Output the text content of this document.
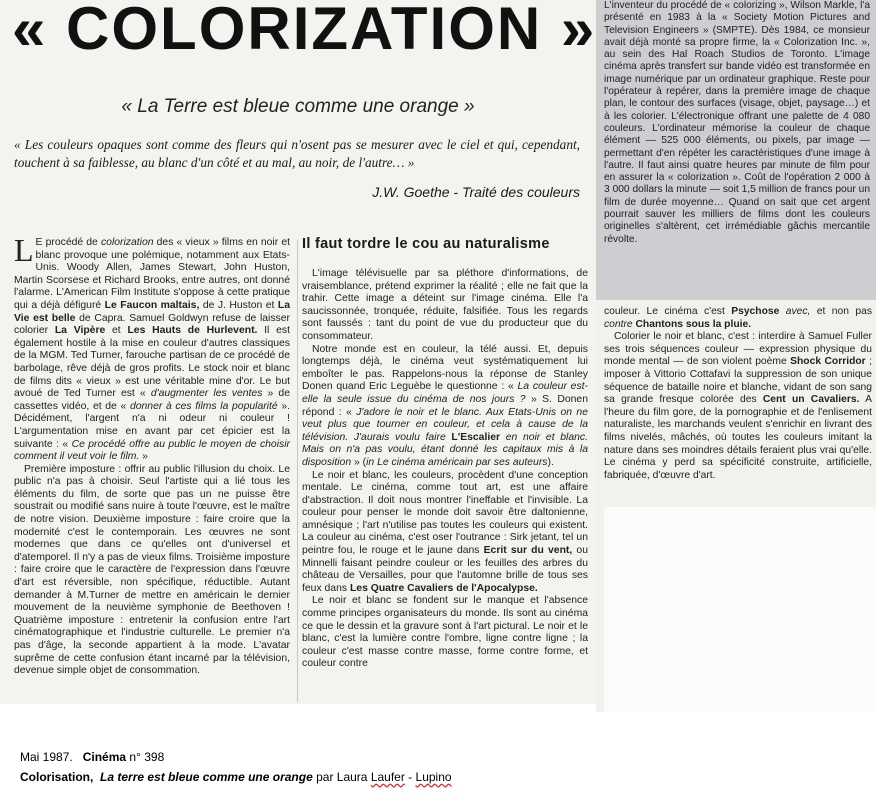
« COLORIZATION »
« La Terre est bleue comme une orange »
« Les couleurs opaques sont comme des fleurs qui n'osent pas se mesurer avec le ciel et qui, cependant, touchent à sa faiblesse, au blanc d'un côté et au mal, au noir, de l'autre… »
J.W. Goethe - Traité des couleurs

L E procédé de colorization des « vieux » films en noir et blanc provoque une polémique, notamment aux Etats-Unis. Woody Allen, James Stewart, John Huston, Martin Scorsese et Richard Brooks, entre autres, ont donné l'alarme. L'American Film Institute s'oppose à cette pratique qui a déjà défiguré Le Faucon maltais, de J. Huston et La Vie est belle de Capra. Samuel Goldwyn refuse de laisser colorier La Vipère et Les Hauts de Hurlevent. Il est également hostile à la mise en couleur d'autres classiques de la MGM. Ted Turner, farouche partisan de ce procédé de barbolage, rêve déjà de gros profits. Le stock noir et blanc de films dits « vieux » est une véritable mine d'or. Le but avoué de Ted Turner est « d'augmenter les ventes » de cassettes vidéo, et de « donner à ces films la popularité ». Décidément, l'argent n'a ni odeur ni couleur ! L'argumentation mise en avant par cet épicier est la suivante : « Ce procédé offre au public le moyen de choisir comment il veut voir le film. »

Première imposture : offrir au public l'illusion du choix. Le public n'a pas à choisir. Seul l'artiste qui a lié tous les éléments du film, de sorte que pas un ne puisse être soustrait ou modifié sans nuire à toute l'œuvre, est le maître de notre vision. Deuxième imposture : faire croire que la modernité c'est le contemporain. Les œuvres ne sont modernes que dans ce qu'elles ont d'universel et d'atemporel. Il n'y a pas de vieux films. Troisième imposture : faire croire que le caractère de l'expression dans l'œuvre d'art est réversible, non spécifique, réductible. Autant demander à M.Turner de mettre en américain le dernier mouvement de la neuvième symphonie de Beethoven ! Quatrième imposture : entretenir la confusion entre l'art cinématographique et l'industrie culturelle. Le premier n'a pas d'âge, la seconde appartient à la mode. L'avatar suprême de cette confusion étant incarné par la télévision, devenue simple objet de consommation.

Il faut tordre le cou au naturalisme

L'image télévisuelle par sa pléthore d'informations, de vraisemblance, prétend exprimer la réalité ; elle ne fait que la trahir. Cette image a déteint sur l'image cinéma. Elle l'a saucissonnée, tronquée, réduite, falsifiée. Tous les regards sont faussés : tant du point de vue du producteur que du consommateur.

Notre monde est en couleur, la télé aussi. Et, depuis longtemps déjà, le cinéma veut systématiquement lui emboîter le pas. Rappelons-nous la réponse de Stanley Donen quand Eric Leguèbe le questionne : « La couleur est-elle la seule issue du cinéma de nos jours ? » S. Donen répond : « J'adore le noir et le blanc. Aux Etats-Unis on ne veut plus que tourner en couleur, et cela à cause de la télévision. J'aurais voulu faire L'Escalier en noir et blanc. Mais on n'a pas voulu, étant donné les capitaux mis à la disposition » (in Le cinéma américain par ses auteurs).

Le noir et blanc, les couleurs, procèdent d'une conception mentale. Le cinéma, comme tout art, est une affaire d'abstraction. Il doit nous montrer l'ineffable et l'invisible. La couleur pour penser le monde doit savoir être daltonienne, amnésique ; l'art n'utilise pas toutes les couleurs qui existent. La couleur au cinéma, c'est oser l'outrance : Sirk jetant, tel un peintre fou, le rouge et le jaune dans Ecrit sur du vent, ou Minnelli faisant peindre couleur or les feuilles des arbres du château de Versailles, pour que l'automne brille de tous ses feux dans Les Quatre Cavaliers de l'Apocalypse.

Le noir et blanc se fondent sur le manque et l'absence comme principes organisateurs du monde. Ils sont au cinéma ce que le dessin et la gravure sont à l'art pictural. Le noir et le blanc, c'est la lumière contre l'ombre, ligne contre ligne ; la couleur c'est masse contre masse, forme contre forme, et couleur contre

L'inventeur du procédé de « colorizing », Wilson Markle, l'a présenté en 1983 à la « Society Motion Pictures and Television Engineers » (SMPTE). Dès 1984, ce monsieur avait déjà monté sa propre firme, la « Colorization Inc. », au sein des Hal Roach Studios de Toronto. L'image cinéma après transfert sur bande vidéo est transformée en image numérique par un ordinateur graphique. Reste pour l'opérateur à repérer, dans la première image de chaque plan, le contour des surfaces (visage, objet, paysage…) et à les colorier. L'électronique offrant une palette de 4 080 couleurs. L'ordinateur mémorise la couleur de chaque élément — 525 000 éléments, ou pixels, par image — permettant d'en répéter les caractéristiques d'une image à l'autre. Il faut ainsi quatre heures par minute de film pour en assurer la « colorization ». Coût de l'opération 2 000 à 3 000 dollars la minute — soit 1,5 million de francs pour un film de durée moyenne… Quand on sait que cet argent pourrait sauver les milliers de films dont les couleurs originelles s'altèrent, cet irrémédiable gâchis mercantile révolte.

couleur. Le cinéma c'est Psychose avec, et non pas contre Chantons sous la pluie.

Colorier le noir et blanc, c'est : interdire à Samuel Fuller ses trois séquences couleur — expression physique du monde mental — de son violent poème Shock Corridor ; imposer à Vittorio Cottafavi la suppression de son unique séquence de bataille noire et blanche, vidant de son sang sa grande fresque colorée des Cent un Cavaliers. A l'heure du film gore, de la pornographie et de l'enlisement naturaliste, les marchands veulent s'enrichir en livrant des films nivelés, mâchés, où toutes les couleurs imitant la nature dans ses moindres détails feraient plus vrai qu'elle. Le cinéma y perd sa spécificité construite, artificielle, fabriquée, d'œuvre d'art.

Mai 1987. Cinéma n° 398
Colorisation, La terre est bleue comme une orange par Laura Laufer - Lupino
